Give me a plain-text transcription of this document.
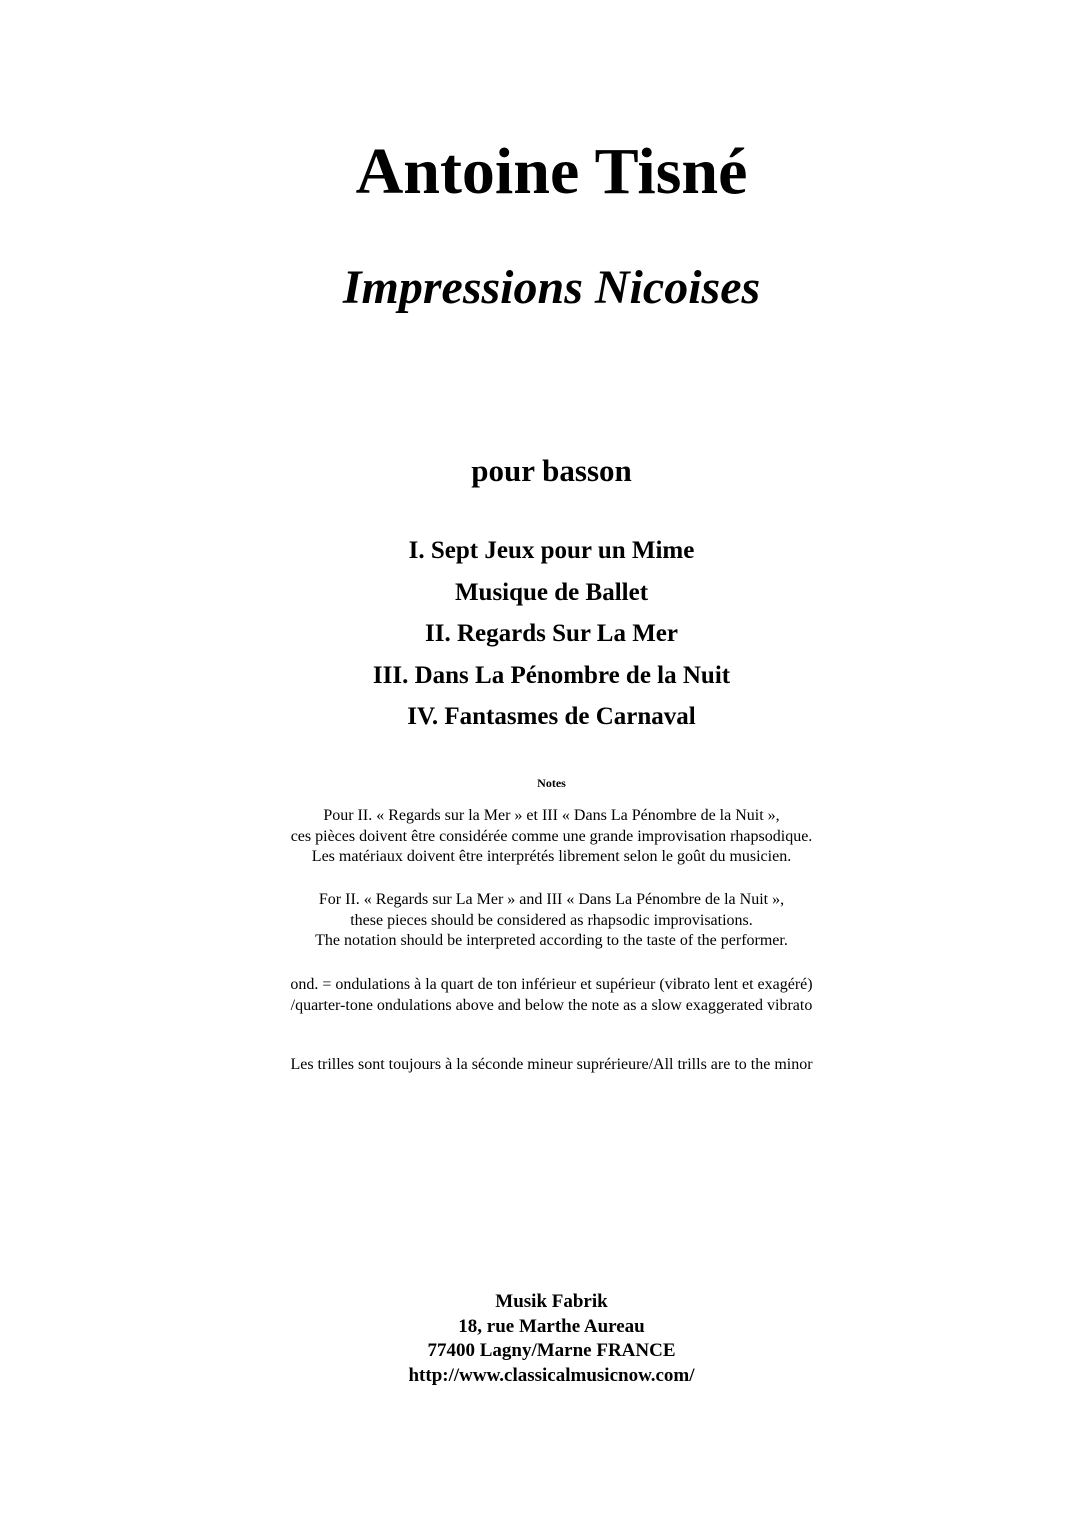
Antoine Tisné
Impressions Nicoises
pour basson
I. Sept Jeux pour un Mime
Musique de Ballet
II. Regards Sur La Mer
III. Dans La Pénombre de la Nuit
IV. Fantasmes de Carnaval
Notes
Pour II. « Regards sur la Mer » et III « Dans La Pénombre de la Nuit »,
ces pièces doivent être considérée comme une grande improvisation rhapsodique.
Les matériaux doivent être interprétés librement selon le goût du musicien.
For II. « Regards sur La Mer » and III « Dans La Pénombre de la Nuit »,
these pieces should be considered as rhapsodic improvisations.
The notation should be interpreted according to the taste of the performer.
ond. = ondulations à la quart de ton inférieur et supérieur (vibrato lent et exagéré)
/quarter-tone ondulations above and below the note as a slow exaggerated vibrato
Les trilles sont toujours à la séconde mineur suprérieure/All trills are to the minor
Musik Fabrik
18, rue Marthe Aureau
77400 Lagny/Marne FRANCE
http://www.classicalmusicnow.com/
